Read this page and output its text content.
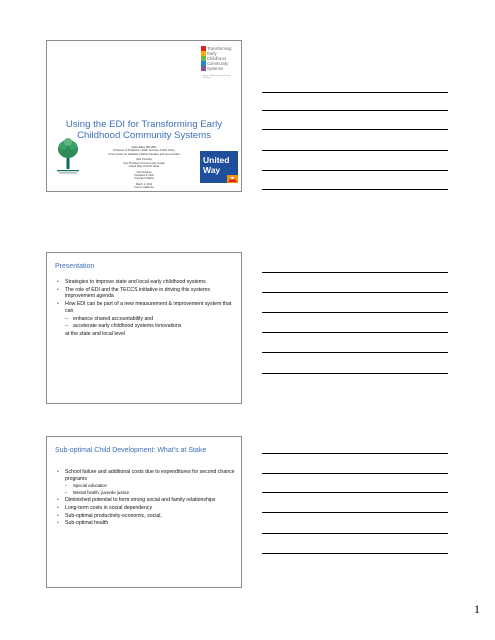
Transforming
Early
Childhood
Community
Systems
Early Childhood Community Systems
Using the EDI for Transforming Early Childhood Community Systems
Neal Halfon MD MPH
Professor of Pediatrics, Health Services, Public Policy
UCLA Center for Healthier Children Families and Communities
April Kundolly
Vice President of Community Impact
United Way of North Texas
Vice Nicolosi
President & CEO
Crescent Indiana
March 1, 2011
Forum California
United
Way
Presentation
• Strategies to improve state and local early childhood systems
• The role of EDI and the TECCS initiative in driving this systems improvement agenda
• How EDI can be part of a new measurement & improvement system that can
– enhance shared accountability and
– accelerate early childhood systems innovations
at the state and local level
Sub-optimal Child Development: What’s at Stake
• School failure and additional costs due to expenditures for second chance programs
– Special education
– Mental health, juvenile justice
• Diminished potential to form strong social and family relationships
• Long-term costs in social dependency
• Sub-optimal productivity-economic, social,
• Sub-optimal health
1
